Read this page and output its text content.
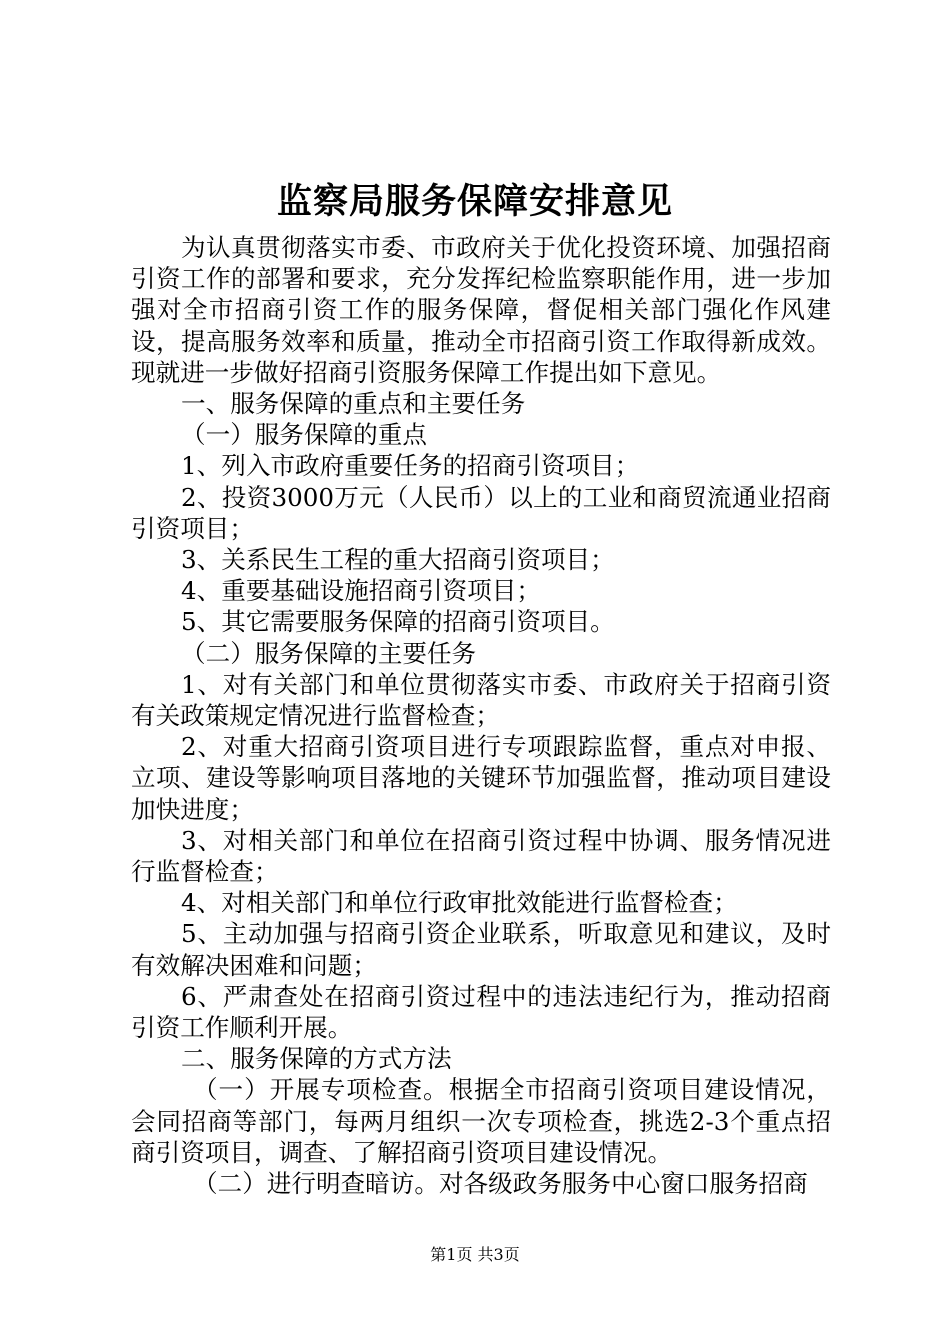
监察局服务保障安排意见

为认真贯彻落实市委、市政府关于优化投资环境、加强招商引资工作的部署和要求，充分发挥纪检监察职能作用，进一步加强对全市招商引资工作的服务保障，督促相关部门强化作风建设，提高服务效率和质量，推动全市招商引资工作取得新成效。现就进一步做好招商引资服务保障工作提出如下意见。

一、服务保障的重点和主要任务

（一）服务保障的重点

1、列入市政府重要任务的招商引资项目；

2、投资3000万元（人民币）以上的工业和商贸流通业招商引资项目；

3、关系民生工程的重大招商引资项目；

4、重要基础设施招商引资项目；

5、其它需要服务保障的招商引资项目。

（二）服务保障的主要任务

1、对有关部门和单位贯彻落实市委、市政府关于招商引资有关政策规定情况进行监督检查；

2、对重大招商引资项目进行专项跟踪监督，重点对申报、立项、建设等影响项目落地的关键环节加强监督，推动项目建设加快进度；

3、对相关部门和单位在招商引资过程中协调、服务情况进行监督检查；

4、对相关部门和单位行政审批效能进行监督检查；

5、主动加强与招商引资企业联系，听取意见和建议，及时有效解决困难和问题；

6、严肃查处在招商引资过程中的违法违纪行为，推动招商引资工作顺利开展。

二、服务保障的方式方法

（一）开展专项检查。根据全市招商引资项目建设情况，会同招商等部门，每两月组织一次专项检查，挑选2-3个重点招商引资项目，调查、了解招商引资项目建设情况。

（二）进行明查暗访。对各级政务服务中心窗口服务招商

第1页 共3页
